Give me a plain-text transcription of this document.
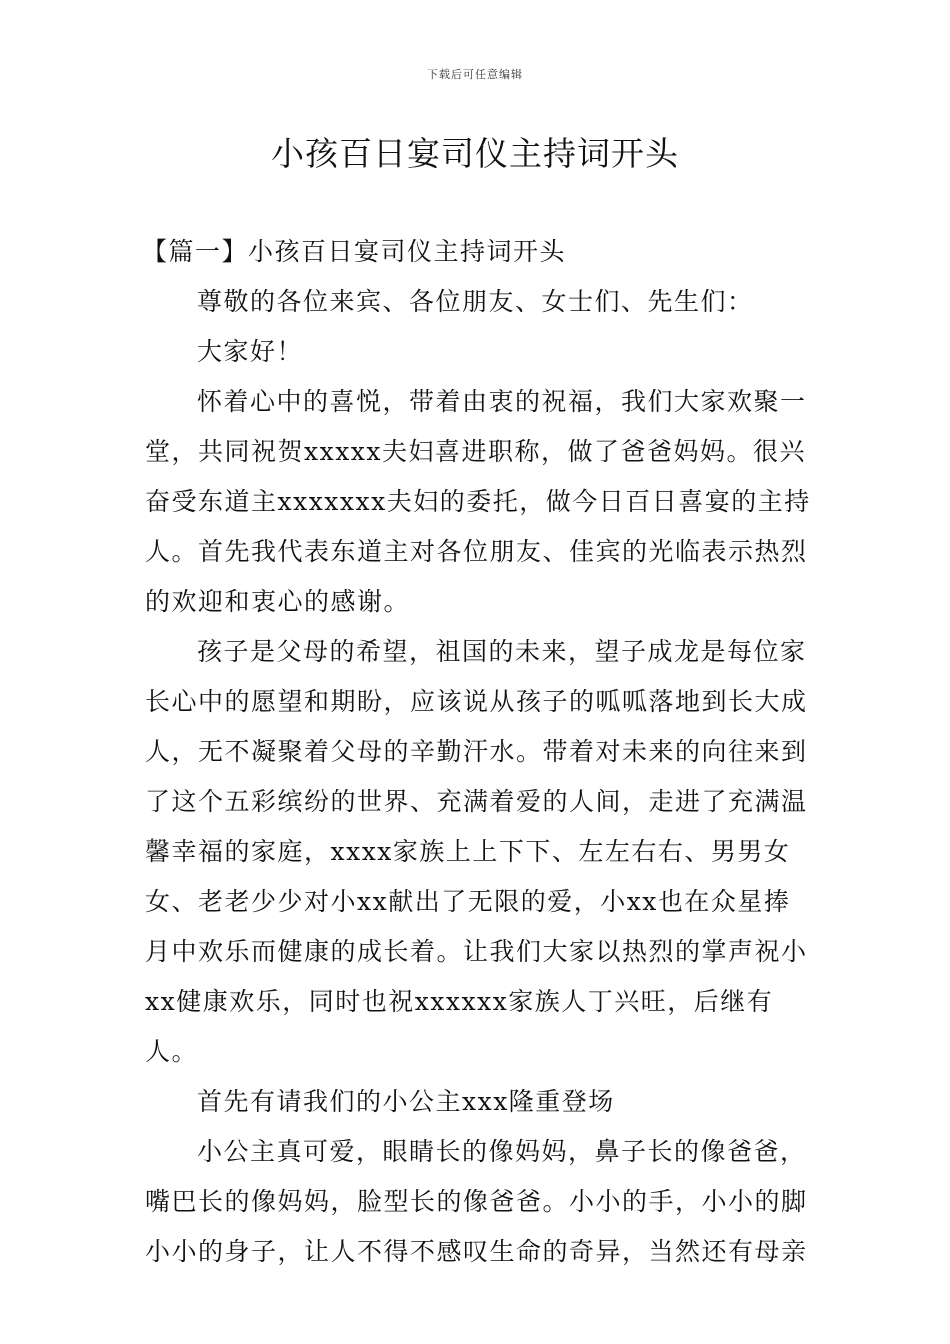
下载后可任意编辑
小孩百日宴司仪主持词开头

【篇一】小孩百日宴司仪主持词开头

尊敬的各位来宾、各位朋友、女士们、先生们：

大家好！

怀着心中的喜悦，带着由衷的祝福，我们大家欢聚一堂，共同祝贺xxxxx夫妇喜进职称，做了爸爸妈妈。很兴奋受东道主xxxxxxx夫妇的委托，做今日百日喜宴的主持人。首先我代表东道主对各位朋友、佳宾的光临表示热烈的欢迎和衷心的感谢。

孩子是父母的希望，祖国的未来，望子成龙是每位家长心中的愿望和期盼，应该说从孩子的呱呱落地到长大成人，无不凝聚着父母的辛勤汗水。带着对未来的向往来到了这个五彩缤纷的世界、充满着爱的人间，走进了充满温馨幸福的家庭，xxxx家族上上下下、左左右右、男男女女、老老少少对小xx献出了无限的爱，小xx也在众星捧月中欢乐而健康的成长着。让我们大家以热烈的掌声祝小xx健康欢乐，同时也祝xxxxxx家族人丁兴旺，后继有人。

首先有请我们的小公主xxx隆重登场

小公主真可爱，眼睛长的像妈妈，鼻子长的像爸爸，嘴巴长的像妈妈，脸型长的像爸爸。小小的手，小小的脚小小的身子，让人不得不感叹生命的奇异，当然还有母亲
